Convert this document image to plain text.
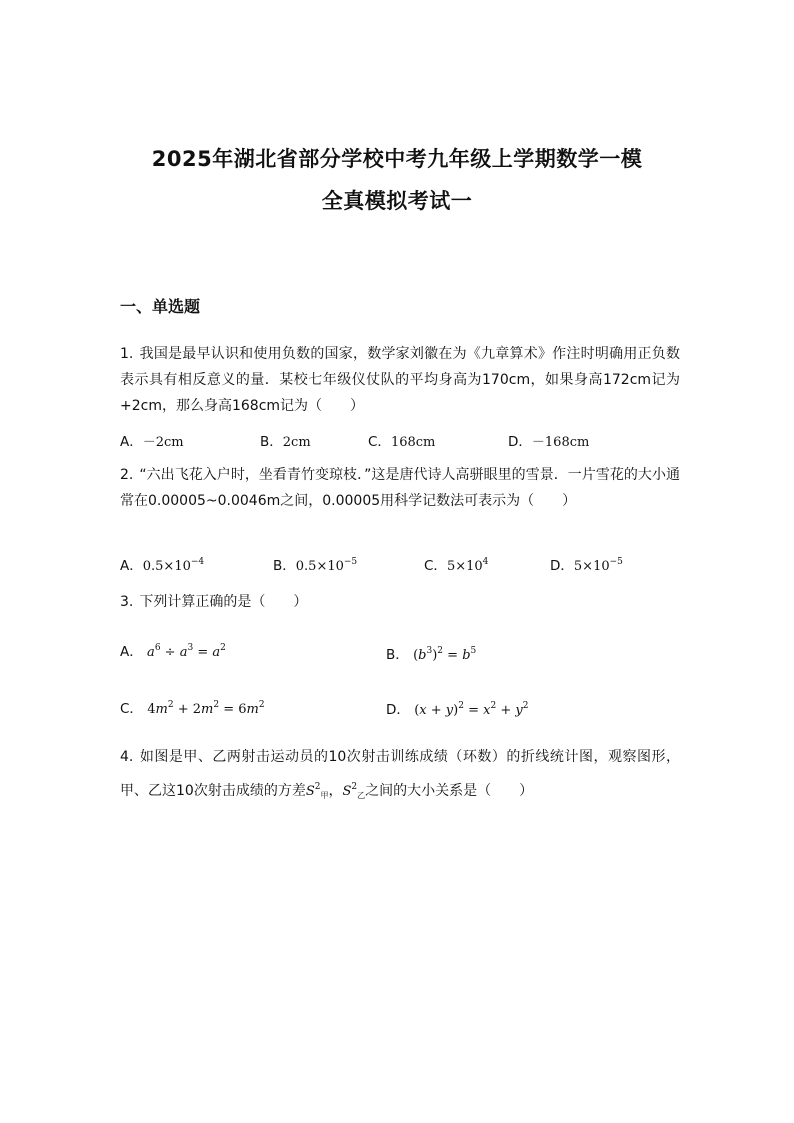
2025年湖北省部分学校中考九年级上学期数学一模
全真模拟考试一
一、单选题
1. 我国是最早认识和使用负数的国家，数学家刘徽在为《九章算术》作注时明确用正负数表示具有相反意义的量．某校七年级仪仗队的平均身高为170cm，如果身高172cm记为+2cm，那么身高168cm记为（　　）
A．－2cm	B．2cm	C．168cm	D．－168cm
2. “六出飞花入户时，坐看青竹变琼枝．”这是唐代诗人高骈眼里的雪景．一片雪花的大小通常在0.00005~0.0046m之间，0.00005用科学记数法可表示为（　　）
A．$0.5\times 10^{-4}$	B．$0.5\times 10^{-5}$	C．$5\times 10^4$	D．$5\times 10^{-5}$
3. 下列计算正确的是（　　）
A． $a^6 \div a^3 = a^2$	B． $(b^3)^2 = b^5$
C． $4m^2 + 2m^2 = 6m^2$	D． $(x + y)^2 = x^2 + y^2$
4. 如图是甲、乙两射击运动员的10次射击训练成绩（环数）的折线统计图，观察图形，甲、乙这10次射击成绩的方差$S^2_甲$，$S^2_乙$之间的大小关系是（　　）
